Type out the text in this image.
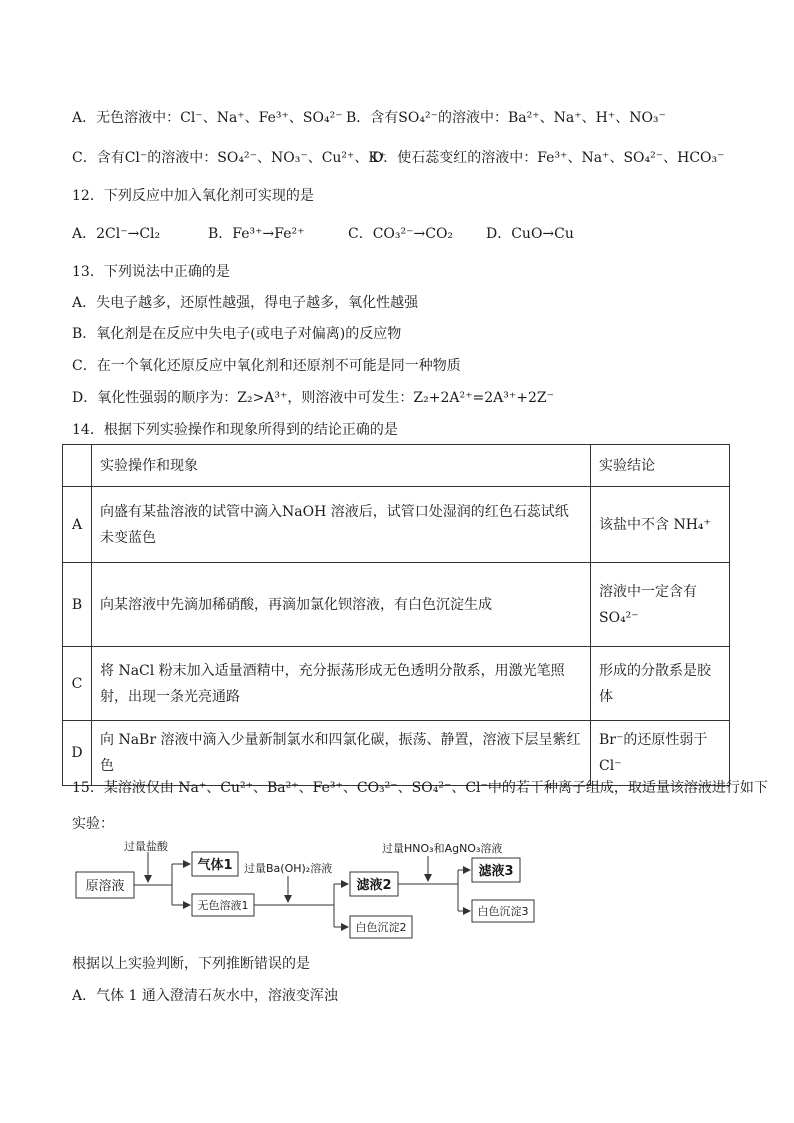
A．无色溶液中：Cl⁻、Na⁺、Fe³⁺、SO₄²⁻ B．含有SO₄²⁻的溶液中：Ba²⁺、Na⁺、H⁺、NO₃⁻
C．含有Cl⁻的溶液中：SO₄²⁻、NO₃⁻、Cu²⁺、K⁺
D．使石蕊变红的溶液中：Fe³⁺、Na⁺、SO₄²⁻、HCO₃⁻
12．下列反应中加入氧化剂可实现的是
A．2Cl⁻→Cl₂	B．Fe³⁺→Fe²⁺	C．CO₃²⁻→CO₂ D．CuO→Cu
13．下列说法中正确的是
A．失电子越多，还原性越强，得电子越多，氧化性越强
B．氧化剂是在反应中失电子(或电子对偏离)的反应物
C．在一个氧化还原反应中氧化剂和还原剂不可能是同一种物质
D．氧化性强弱的顺序为：Z₂>A³⁺，则溶液中可发生：Z₂+2A²⁺=2A³⁺+2Z⁻
14．根据下列实验操作和现象所得到的结论正确的是
	实验操作和现象	实验结论
A	向盛有某盐溶液的试管中滴入NaOH 溶液后，试管口处湿润的红色石蕊试纸未变蓝色	该盐中不含 NH₄⁺
B	向某溶液中先滴加稀硝酸，再滴加氯化钡溶液，有白色沉淀生成	溶液中一定含有 SO₄²⁻
C	将 NaCl 粉末加入适量酒精中，充分振荡形成无色透明分散系，用激光笔照射，出现一条光亮通路	形成的分散系是胶体
D	向 NaBr 溶液中滴入少量新制氯水和四氯化碳，振荡、静置，溶液下层呈紫红色	Br⁻的还原性弱于 Cl⁻
15．某溶液仅由 Na⁺、Cu²⁺、Ba²⁺、Fe³⁺、CO₃²⁻、SO₄²⁻、Cl⁻中的若干种离子组成，取适量该溶液进行如下
实验：
原溶液
过量盐酸
气体1
无色溶液1
过量Ba(OH)₂溶液
滤液2
白色沉淀2
过量HNO₃和AgNO₃溶液
滤液3
白色沉淀3
根据以上实验判断，下列推断错误的是
A．气体 1 通入澄清石灰水中，溶液变浑浊
